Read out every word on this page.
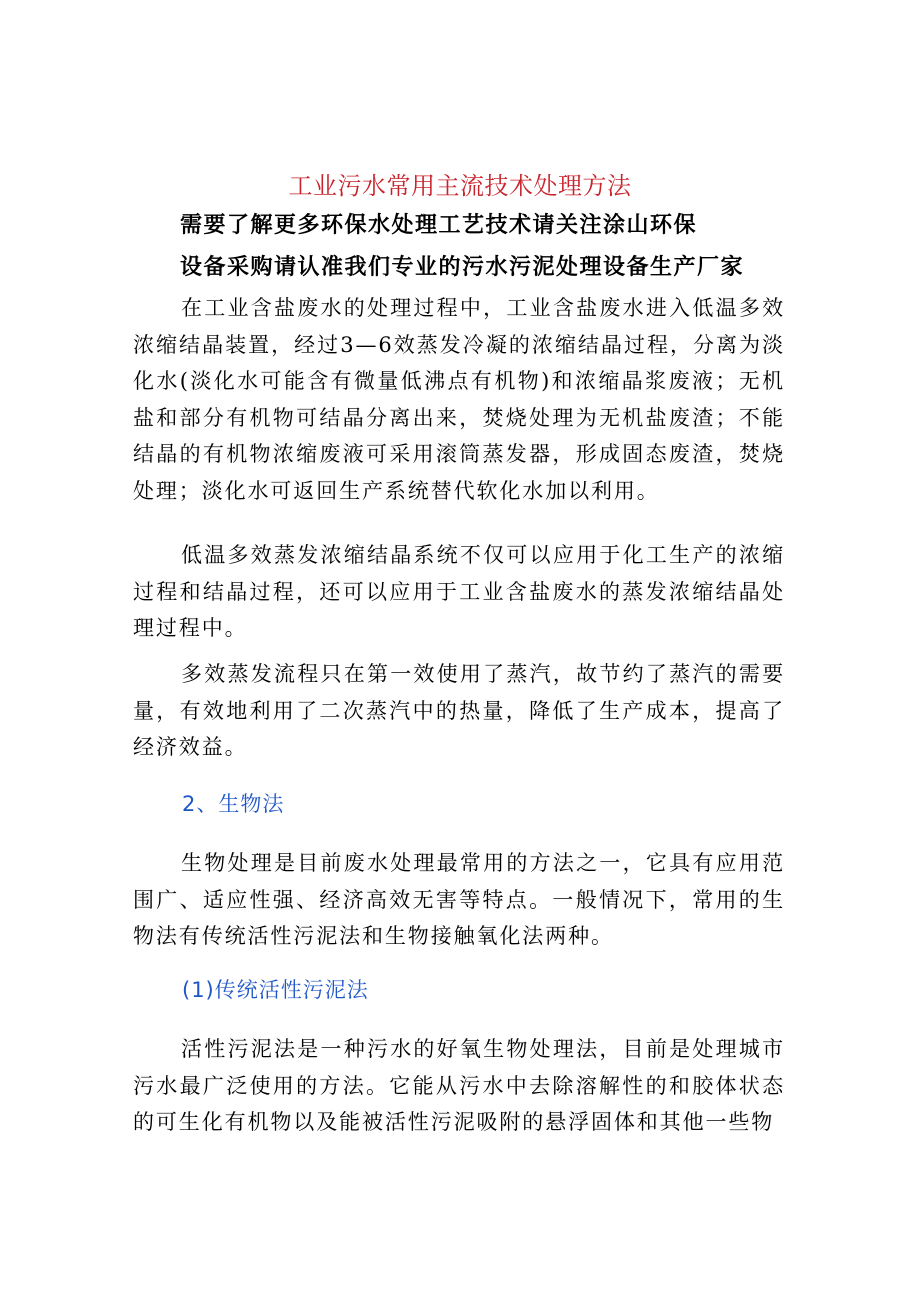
工业污水常用主流技术处理方法
需要了解更多环保水处理工艺技术请关注涂山环保
设备采购请认准我们专业的污水污泥处理设备生产厂家
在工业含盐废水的处理过程中，工业含盐废水进入低温多效浓缩结晶装置，经过3—6效蒸发冷凝的浓缩结晶过程，分离为淡化水(淡化水可能含有微量低沸点有机物)和浓缩晶浆废液；无机盐和部分有机物可结晶分离出来，焚烧处理为无机盐废渣；不能结晶的有机物浓缩废液可采用滚筒蒸发器，形成固态废渣，焚烧处理；淡化水可返回生产系统替代软化水加以利用。
低温多效蒸发浓缩结晶系统不仅可以应用于化工生产的浓缩过程和结晶过程，还可以应用于工业含盐废水的蒸发浓缩结晶处理过程中。
多效蒸发流程只在第一效使用了蒸汽，故节约了蒸汽的需要量，有效地利用了二次蒸汽中的热量，降低了生产成本，提高了经济效益。
2、生物法
生物处理是目前废水处理最常用的方法之一，它具有应用范围广、适应性强、经济高效无害等特点。一般情况下，常用的生物法有传统活性污泥法和生物接触氧化法两种。
(1)传统活性污泥法
活性污泥法是一种污水的好氧生物处理法，目前是处理城市污水最广泛使用的方法。它能从污水中去除溶解性的和胶体状态的可生化有机物以及能被活性污泥吸附的悬浮固体和其他一些物
